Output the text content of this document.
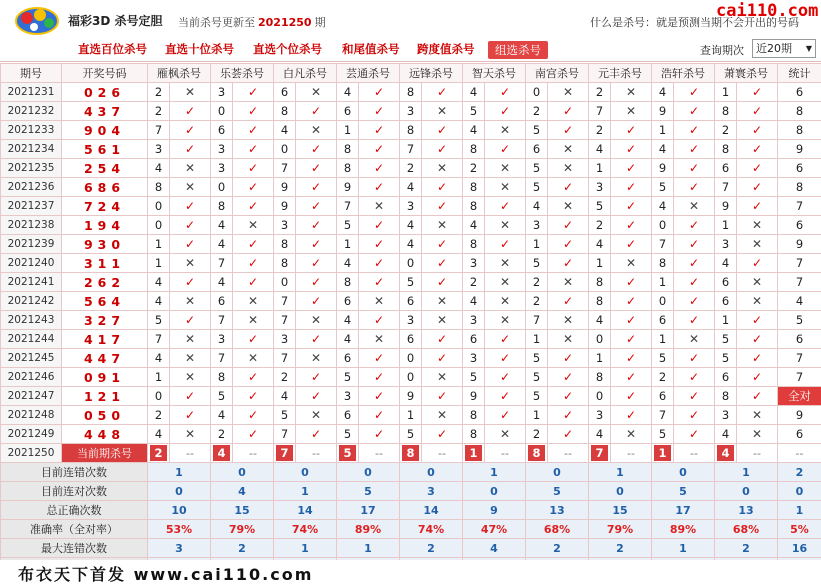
福彩3D 杀号定胆 当前杀号更新至 2021250 期	什么是杀号：就是预测当期不会开出的号码
cai110.com
直选百位杀号 直选十位杀号 直选个位杀号 和尾值杀号 跨度值杀号	组选杀号	查询期次	近20期 ▼
期号	开奖号码	雁枫杀号		乐荟杀号		白凡杀号		芸通杀号		远锋杀号		智天杀号		南宫杀号		元丰杀号		浩轩杀号		萧寰杀号		统计
2021231	026	2	✕	3	✓	6	✕	4	✓	8	✓	4	✓	0	✕	2	✕	4	✓	1	✓	6
2021232	437	2	✓	0	✓	8	✓	6	✓	3	✕	5	✓	2	✓	7	✕	9	✓	8	✓	8
2021233	904	7	✓	6	✓	4	✕	1	✓	8	✓	4	✕	5	✓	2	✓	1	✓	2	✓	8
2021234	561	3	✓	3	✓	0	✓	8	✓	7	✓	8	✓	6	✕	4	✓	4	✓	8	✓	9
2021235	254	4	✕	3	✓	7	✓	8	✓	2	✕	2	✕	5	✕	1	✓	9	✓	6	✓	6
2021236	686	8	✕	0	✓	9	✓	9	✓	4	✓	8	✕	5	✓	3	✓	5	✓	7	✓	8
2021237	724	0	✓	8	✓	9	✓	7	✕	3	✓	8	✓	4	✕	5	✓	4	✕	9	✓	7
2021238	194	0	✓	4	✕	3	✓	5	✓	4	✕	4	✕	3	✓	2	✓	0	✓	1	✕	6
2021239	930	1	✓	4	✓	8	✓	1	✓	4	✓	8	✓	1	✓	4	✓	7	✓	3	✕	9
2021240	311	1	✕	7	✓	8	✓	4	✓	0	✓	3	✕	5	✓	1	✕	8	✓	4	✓	7
2021241	262	4	✓	4	✓	0	✓	8	✓	5	✓	2	✕	2	✕	8	✓	1	✓	6	✕	7
2021242	564	4	✕	6	✕	7	✓	6	✕	6	✕	4	✕	2	✓	8	✓	0	✓	6	✕	4
2021243	327	5	✓	7	✕	7	✕	4	✓	3	✕	3	✕	7	✕	4	✓	6	✓	1	✓	5
2021244	417	7	✕	3	✓	3	✓	4	✕	6	✓	6	✓	1	✕	0	✓	1	✕	5	✓	6
2021245	447	4	✕	7	✕	7	✕	6	✓	0	✓	3	✓	5	✓	1	✓	5	✓	5	✓	7
2021246	091	1	✕	8	✓	2	✓	5	✓	0	✕	5	✓	5	✓	8	✓	2	✓	6	✓	7
2021247	121	0	✓	5	✓	4	✓	3	✓	9	✓	9	✓	5	✓	0	✓	6	✓	8	✓	全对
2021248	050	2	✓	4	✓	5	✕	6	✓	1	✕	8	✓	1	✓	3	✓	7	✓	3	✕	9
2021249	448	4	✕	2	✓	7	✓	5	✓	5	✓	8	✕	2	✓	4	✕	5	✓	4	✕	6
2021250	当前期杀号	2	--	4	--	7	--	5	--	8	--	1	--	8	--	7	--	1	--	4	--	--
目前连错次数		1		0		0		0		0		1		0		1		0		1		2
目前连对次数		0		4		1		5		3		0		5		0		5		0		0
总正确次数		10		15		14		17		14		9		13		15		17		13		1
准确率（全对率）		53%		79%		74%		89%		74%		47%		68%		79%		89%		68%		5%
最大连错次数		3		2		1		1		2		4		2		2		1		2		16

布衣天下首发 www.cai110.com
